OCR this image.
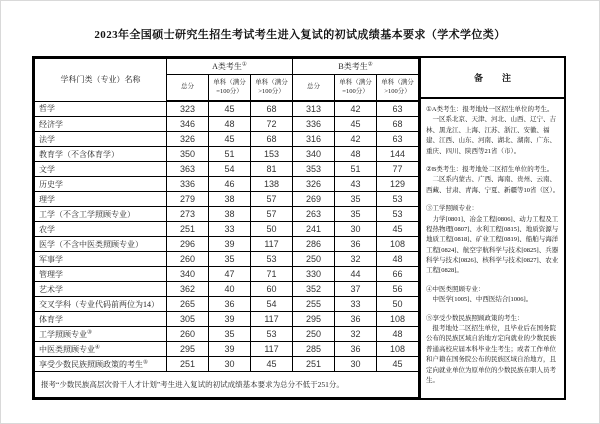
2023年全国硕士研究生招生考试考生进入复试的初试成绩基本要求（学术学位类）
学科门类（专业）名称	A类考生①			B类考生②
	总分	单科（满分=100分）	单科（满分>100分）	总分	单科（满分=100分）	单科（满分>100分）
哲学	323	45	68	313	42	63
经济学	346	48	72	336	45	68
法学	326	45	68	316	42	63
教育学（不含体育学）	350	51	153	340	48	144
文学	363	54	81	353	51	77
历史学	336	46	138	326	43	129
理学	279	38	57	269	35	53
工学（不含工学照顾专业）	273	38	57	263	35	53
农学	251	33	50	241	30	45
医学（不含中医类照顾专业）	296	39	117	286	36	108
军事学	260	35	53	250	32	48
管理学	340	47	71	330	44	66
艺术学	362	40	60	352	37	56
交叉学科（专业代码前两位为14）	265	36	54	255	33	50
体育学	305	39	117	295	36	108
工学照顾专业③	260	35	53	250	32	48
中医类照顾专业④	295	39	117	285	36	108
享受少数民族照顾政策的考生⑤	251	30	45	251	30	45
报考“少数民族高层次骨干人才计划”考生进入复试的初试成绩基本要求为总分不低于251分。						
备　注
①A类考生：报考地处一区招生单位的考生。
一区系北京、天津、河北、山西、辽宁、吉林、黑龙江、上海、江苏、浙江、安徽、福建、江西、山东、河南、湖北、湖南、广东、重庆、四川、陕西等21省（市）。
②B类考生：报考地处二区招生单位的考生。
二区系内蒙古、广西、海南、贵州、云南、西藏、甘肃、青海、宁夏、新疆等10省（区）。
③工学照顾专业：
力学[0801]、冶金工程[0806]、动力工程及工程热物理[0807]、水利工程[0815]、地质资源与地质工程[0818]、矿业工程[0819]、船舶与海洋工程[0824]、航空宇航科学与技术[0825]、兵器科学与技术[0826]、核科学与技术[0827]、农业工程[0828]。
④中医类照顾专业：
中医学[1005]、中西医结合[1006]。
⑤享受少数民族照顾政策的考生：
报考地处二区招生单位，且毕业后在国务院公布的民族区域自治地方定向就业的少数民族普通高校应届本科毕业生考生；或者工作单位和户籍在国务院公布的民族区域自治地方，且定向就业单位为原单位的少数民族在职人员考生。
